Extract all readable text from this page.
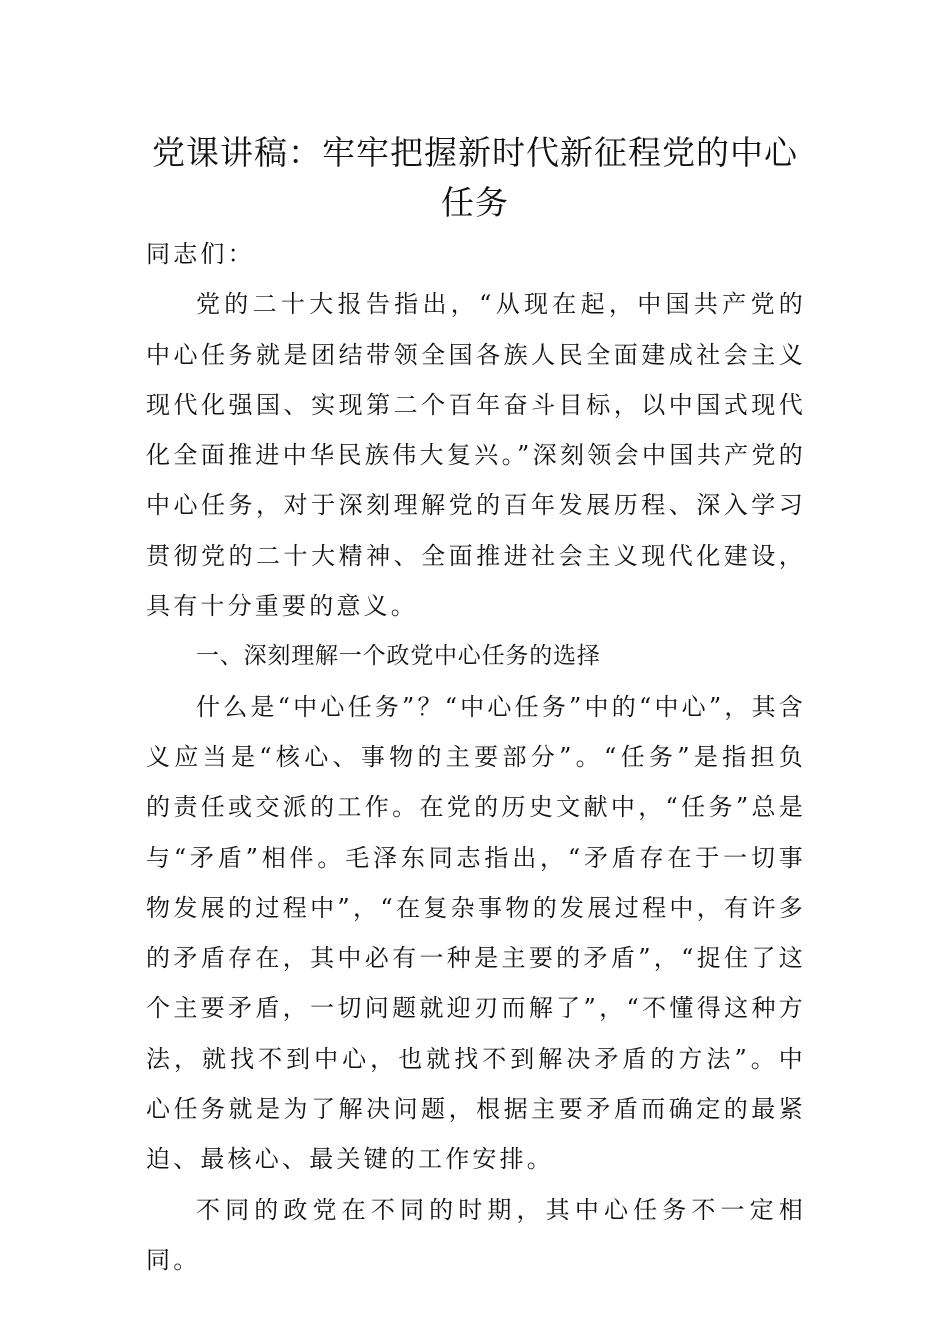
党课讲稿：牢牢把握新时代新征程党的中心任务

同志们：

党的二十大报告指出，“从现在起，中国共产党的中心任务就是团结带领全国各族人民全面建成社会主义现代化强国、实现第二个百年奋斗目标，以中国式现代化全面推进中华民族伟大复兴。”深刻领会中国共产党的中心任务，对于深刻理解党的百年发展历程、深入学习贯彻党的二十大精神、全面推进社会主义现代化建设，具有十分重要的意义。

一、深刻理解一个政党中心任务的选择

什么是“中心任务”？“中心任务”中的“中心”，其含义应当是“核心、事物的主要部分”。“任务”是指担负的责任或交派的工作。在党的历史文献中，“任务”总是与“矛盾”相伴。毛泽东同志指出，“矛盾存在于一切事物发展的过程中”，“在复杂事物的发展过程中，有许多的矛盾存在，其中必有一种是主要的矛盾”，“捉住了这个主要矛盾，一切问题就迎刃而解了”，“不懂得这种方法，就找不到中心，也就找不到解决矛盾的方法”。中心任务就是为了解决问题，根据主要矛盾而确定的最紧迫、最核心、最关键的工作安排。

不同的政党在不同的时期，其中心任务不一定相同。
